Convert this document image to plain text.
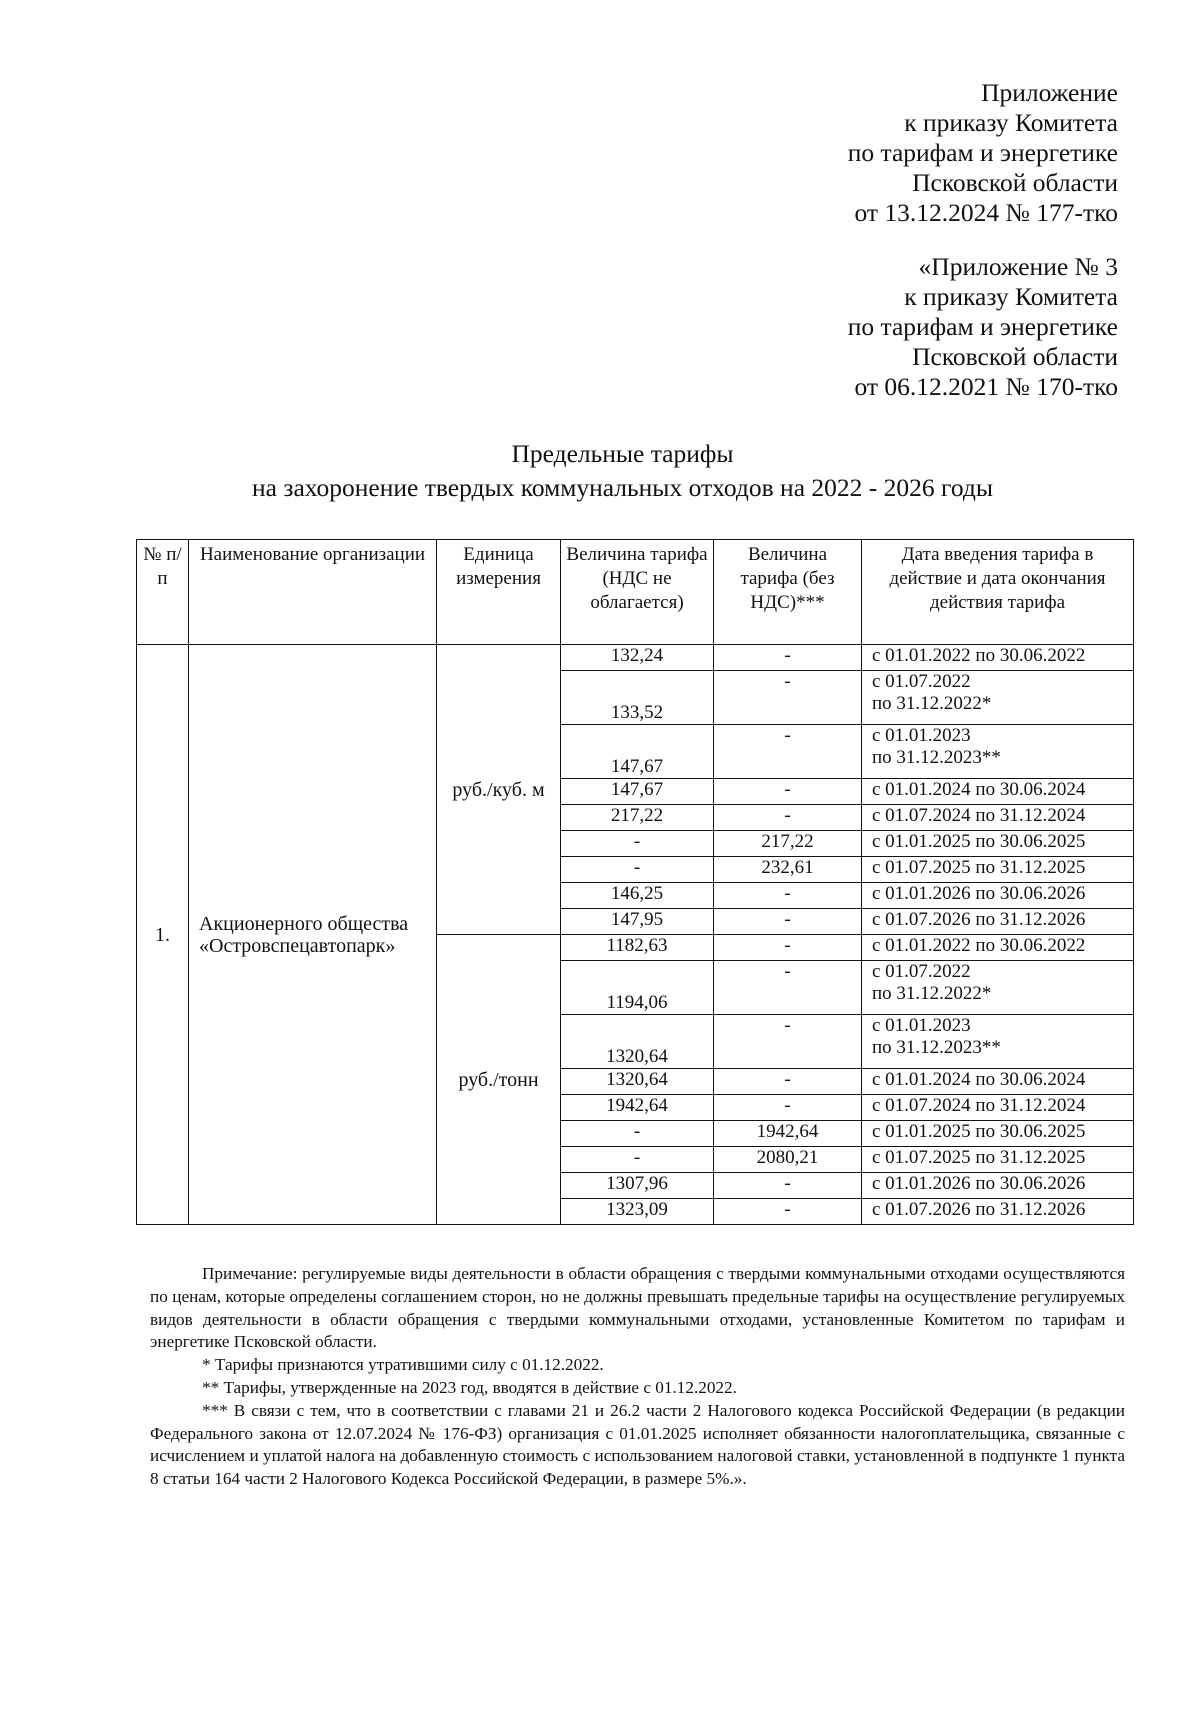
Приложение
к приказу Комитета
по тарифам и энергетике
Псковской области
от 13.12.2024 № 177-тко
«Приложение № 3
к приказу Комитета
по тарифам и энергетике
Псковской области
от 06.12.2021 № 170-тко
Предельные тарифы
на захоронение твердых коммунальных отходов на 2022 - 2026 годы
№ п/п	Наименование организации	Единица измерения	Величина тарифа (НДС не облагается)	Величина тарифа (без НДС)***	Дата введения тарифа в действие и дата окончания действия тарифа
1.	Акционерного общества «Островспецавтопарк»	руб./куб. м	132,24	-	с 01.01.2022 по 30.06.2022
			133,52	-	с 01.07.2022
по 31.12.2022*
			147,67	-	с 01.01.2023
по 31.12.2023**
			147,67	-	с 01.01.2024 по 30.06.2024
			217,22	-	с 01.07.2024 по 31.12.2024
			-	217,22	с 01.01.2025 по 30.06.2025
			-	232,61	с 01.07.2025 по 31.12.2025
			146,25	-	с 01.01.2026 по 30.06.2026
			147,95	-	с 01.07.2026 по 31.12.2026
		руб./тонн	1182,63	-	с 01.01.2022 по 30.06.2022
			1194,06	-	с 01.07.2022
по 31.12.2022*
			1320,64	-	с 01.01.2023
по 31.12.2023**
			1320,64	-	с 01.01.2024 по 30.06.2024
			1942,64	-	с 01.07.2024 по 31.12.2024
			-	1942,64	с 01.01.2025 по 30.06.2025
			-	2080,21	с 01.07.2025 по 31.12.2025
			1307,96	-	с 01.01.2026 по 30.06.2026
			1323,09	-	с 01.07.2026 по 31.12.2026

Примечание: регулируемые виды деятельности в области обращения с твердыми коммунальными отходами осуществляются по ценам, которые определены соглашением сторон, но не должны превышать предельные тарифы на осуществление регулируемых видов деятельности в области обращения с твердыми коммунальными отходами, установленные Комитетом по тарифам и энергетике Псковской области.

* Тарифы признаются утратившими силу с 01.12.2022.

** Тарифы, утвержденные на 2023 год, вводятся в действие с 01.12.2022.

*** В связи с тем, что в соответствии с главами 21 и 26.2 части 2 Налогового кодекса Российской Федерации (в редакции Федерального закона от 12.07.2024 № 176-ФЗ) организация с 01.01.2025 исполняет обязанности налогоплательщика, связанные с исчислением и уплатой налога на добавленную стоимость с использованием налоговой ставки, установленной в подпункте 1 пункта 8 статьи 164 части 2 Налогового Кодекса Российской Федерации, в размере 5%.».
